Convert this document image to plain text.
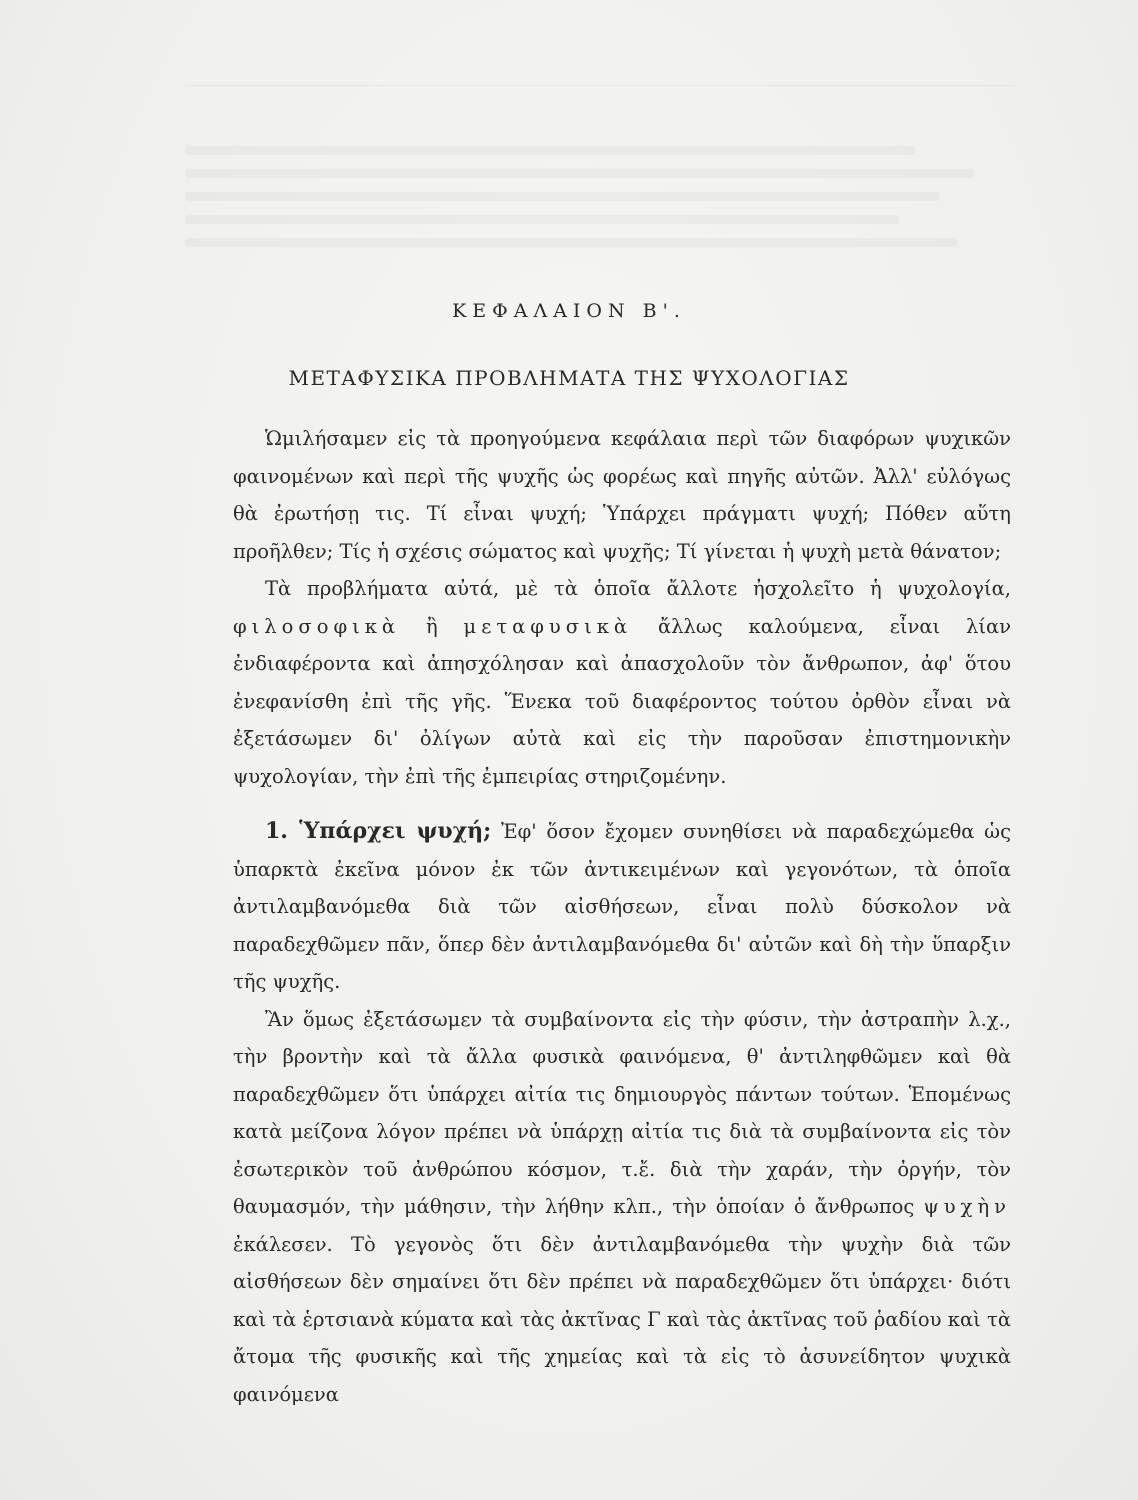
ΚΕΦΑΛΑΙΟΝ Β'.
ΜΕΤΑΦΥΣΙΚΑ ΠΡΟΒΛΗΜΑΤΑ ΤΗΣ ΨΥΧΟΛΟΓΙΑΣ

Ὡμιλήσαμεν εἰς τὰ προηγούμενα κεφάλαια περὶ τῶν διαφόρων ψυχικῶν φαινομένων καὶ περὶ τῆς ψυχῆς ὡς φορέως καὶ πηγῆς αὐτῶν. Ἀλλ' εὐλόγως θὰ ἐρωτήσῃ τις. Τί εἶναι ψυχή; Ὑπάρχει πράγματι ψυχή; Πόθεν αὕτη προῆλθεν; Τίς ἡ σχέσις σώματος καὶ ψυχῆς; Τί γίνεται ἡ ψυχὴ μετὰ θάνατον;

Τὰ προβλήματα αὐτά, μὲ τὰ ὁποῖα ἄλλοτε ἠσχολεῖτο ἡ ψυχολογία, φιλοσοφικὰ ἢ μεταφυσικὰ ἄλλως καλούμενα, εἶναι λίαν ἐνδιαφέροντα καὶ ἀπησχόλησαν καὶ ἀπασχολοῦν τὸν ἄνθρωπον, ἀφ' ὅτου ἐνεφανίσθη ἐπὶ τῆς γῆς. Ἕνεκα τοῦ διαφέροντος τούτου ὀρθὸν εἶναι νὰ ἐξετάσωμεν δι' ὀλίγων αὐτὰ καὶ εἰς τὴν παροῦσαν ἐπιστημονικὴν ψυχολογίαν, τὴν ἐπὶ τῆς ἐμπειρίας στηριζομένην.

1. Ὑπάρχει ψυχή; Ἐφ' ὅσον ἔχομεν συνηθίσει νὰ παραδεχώμεθα ὡς ὑπαρκτὰ ἐκεῖνα μόνον ἐκ τῶν ἀντικειμένων καὶ γεγονότων, τὰ ὁποῖα ἀντιλαμβανόμεθα διὰ τῶν αἰσθήσεων, εἶναι πολὺ δύσκολον νὰ παραδεχθῶμεν πᾶν, ὅπερ δὲν ἀντιλαμβανόμεθα δι' αὐτῶν καὶ δὴ τὴν ὕπαρξιν τῆς ψυχῆς.

Ἂν ὅμως ἐξετάσωμεν τὰ συμβαίνοντα εἰς τὴν φύσιν, τὴν ἀστραπὴν λ.χ., τὴν βροντὴν καὶ τὰ ἄλλα φυσικὰ φαινόμενα, θ' ἀντιληφθῶμεν καὶ θὰ παραδεχθῶμεν ὅτι ὑπάρχει αἰτία τις δημιουργὸς πάντων τούτων. Ἑπομένως κατὰ μείζονα λόγον πρέπει νὰ ὑπάρχῃ αἰτία τις διὰ τὰ συμβαίνοντα εἰς τὸν ἐσωτερικὸν τοῦ ἀνθρώπου κόσμον, τ.ἔ. διὰ τὴν χαράν, τὴν ὀργήν, τὸν θαυμασμόν, τὴν μάθησιν, τὴν λήθην κλπ., τὴν ὁποίαν ὁ ἄνθρωπος ψυχὴν ἐκάλεσεν. Τὸ γεγονὸς ὅτι δὲν ἀντιλαμβανόμεθα τὴν ψυχὴν διὰ τῶν αἰσθήσεων δὲν σημαίνει ὅτι δὲν πρέπει νὰ παραδεχθῶμεν ὅτι ὑπάρχει· διότι καὶ τὰ ἑρτσιανὰ κύματα καὶ τὰς ἀκτῖνας Γ καὶ τὰς ἀκτῖνας τοῦ ῥαδίου καὶ τὰ ἄτομα τῆς φυσικῆς καὶ τῆς χημείας καὶ τὰ εἰς τὸ ἀσυνείδητον ψυχικὰ φαινόμενα
